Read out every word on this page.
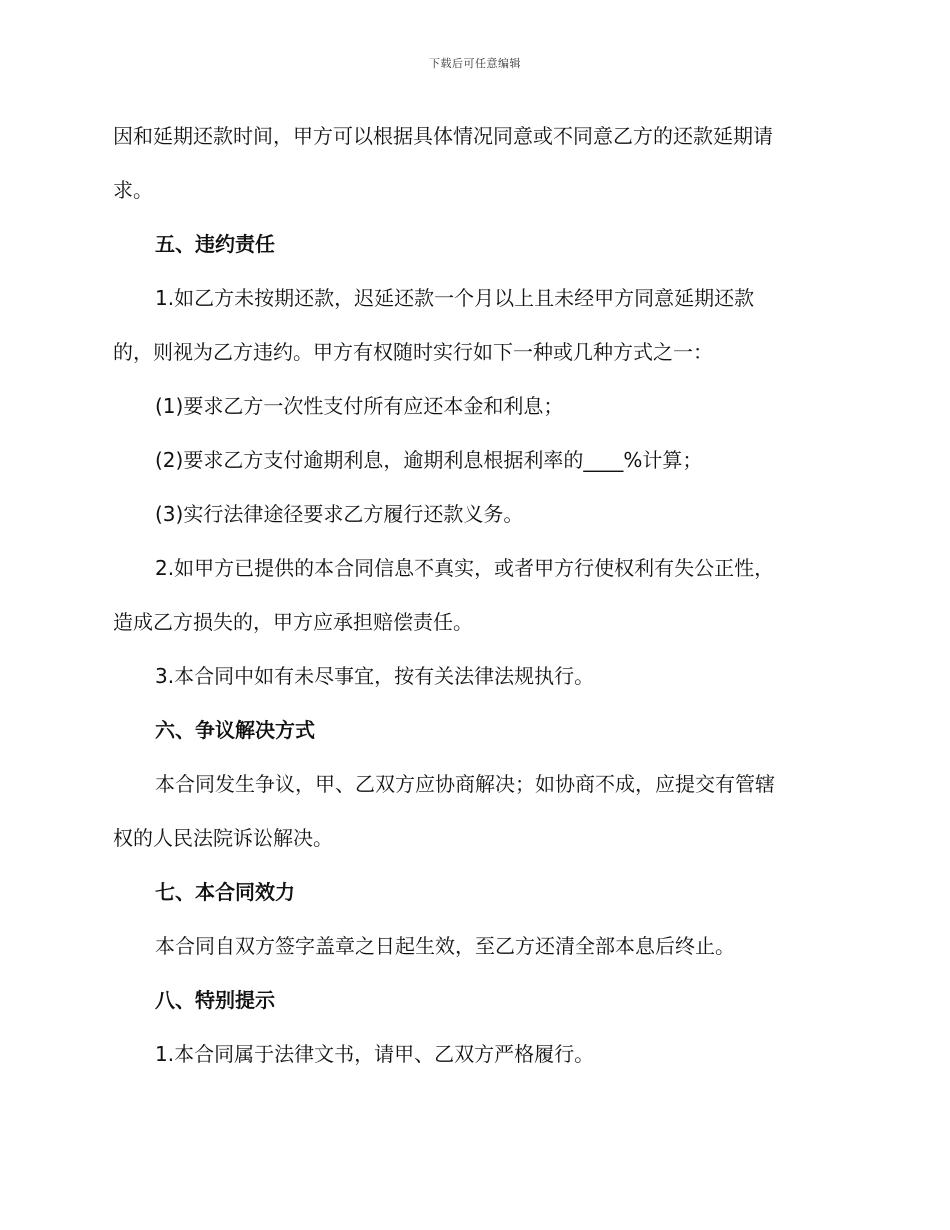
下载后可任意编辑

因和延期还款时间，甲方可以根据具体情况同意或不同意乙方的还款延期请

求。

五、违约责任

1.如乙方未按期还款，迟延还款一个月以上且未经甲方同意延期还款

的，则视为乙方违约。甲方有权随时实行如下一种或几种方式之一：

(1)要求乙方一次性支付所有应还本金和利息；

(2)要求乙方支付逾期利息，逾期利息根据利率的____%计算；

(3)实行法律途径要求乙方履行还款义务。

2.如甲方已提供的本合同信息不真实，或者甲方行使权利有失公正性，

造成乙方损失的，甲方应承担赔偿责任。

3.本合同中如有未尽事宜，按有关法律法规执行。

六、争议解决方式

本合同发生争议，甲、乙双方应协商解决；如协商不成，应提交有管辖

权的人民法院诉讼解决。

七、本合同效力

本合同自双方签字盖章之日起生效，至乙方还清全部本息后终止。

八、特别提示

1.本合同属于法律文书，请甲、乙双方严格履行。
